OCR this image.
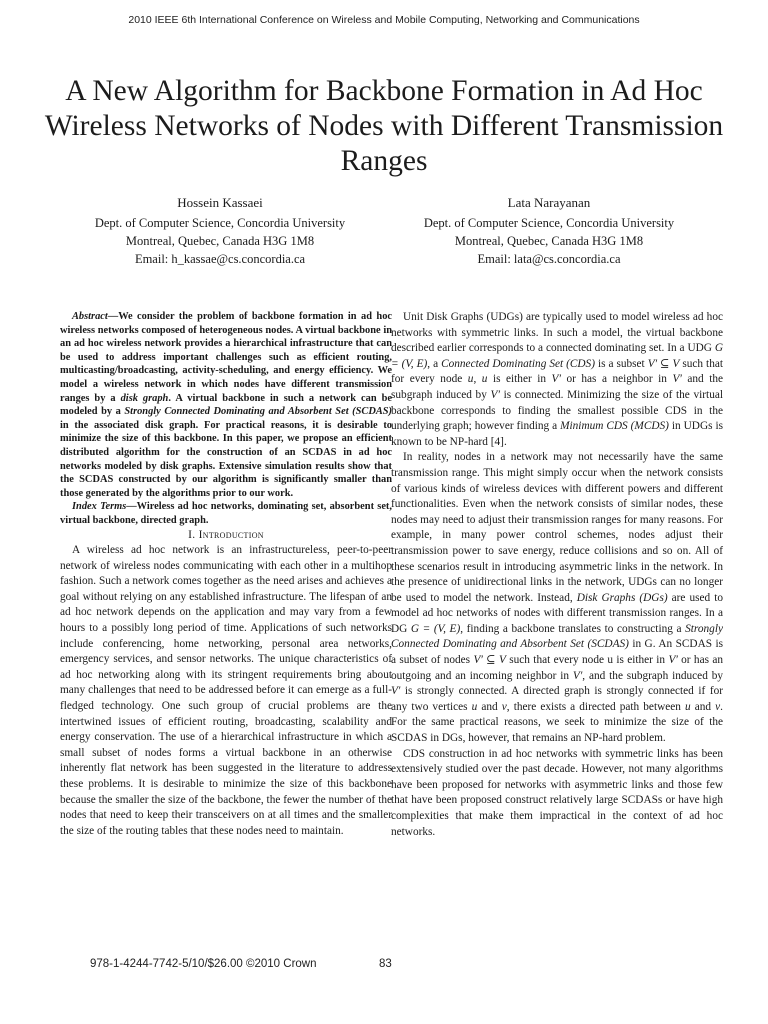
2010 IEEE 6th International Conference on Wireless and Mobile Computing, Networking and Communications
A New Algorithm for Backbone Formation in Ad Hoc Wireless Networks of Nodes with Different Transmission Ranges
Hossein Kassaei
Dept. of Computer Science, Concordia University
Montreal, Quebec, Canada H3G 1M8
Email: h_kassae@cs.concordia.ca
Lata Narayanan
Dept. of Computer Science, Concordia University
Montreal, Quebec, Canada H3G 1M8
Email: lata@cs.concordia.ca

Abstract—We consider the problem of backbone formation in ad hoc wireless networks composed of heterogeneous nodes. A virtual backbone in an ad hoc wireless network provides a hierarchical infrastructure that can be used to address important challenges such as efficient routing, multicasting/broadcasting, activity-scheduling, and energy efficiency. We model a wireless network in which nodes have different transmission ranges by a disk graph. A virtual backbone in such a network can be modeled by a Strongly Connected Dominating and Absorbent Set (SCDAS) in the associated disk graph. For practical reasons, it is desirable to minimize the size of this backbone. In this paper, we propose an efficient distributed algorithm for the construction of an SCDAS in ad hoc networks modeled by disk graphs. Extensive simulation results show that the SCDAS constructed by our algorithm is significantly smaller than those generated by the algorithms prior to our work.

Index Terms—Wireless ad hoc networks, dominating set, absorbent set, virtual backbone, directed graph.

I. Introduction

A wireless ad hoc network is an infrastructureless, peer-to-peer network of wireless nodes communicating with each other in a multihop fashion. Such a network comes together as the need arises and achieves a goal without relying on any established infrastructure. The lifespan of an ad hoc network depends on the application and may vary from a few hours to a possibly long period of time. Applications of such networks include conferencing, home networking, personal area networks, emergency services, and sensor networks. The unique characteristics of ad hoc networking along with its stringent requirements bring about many challenges that need to be addressed before it can emerge as a full-fledged technology. One such group of crucial problems are the intertwined issues of efficient routing, broadcasting, scalability and energy conservation. The use of a hierarchical infrastructure in which a small subset of nodes forms a virtual backbone in an otherwise inherently flat network has been suggested in the literature to address these problems. It is desirable to minimize the size of this backbone because the smaller the size of the backbone, the fewer the number of the nodes that need to keep their transceivers on at all times and the smaller the size of the routing tables that these nodes need to maintain.

Unit Disk Graphs (UDGs) are typically used to model wireless ad hoc networks with symmetric links. In such a model, the virtual backbone described earlier corresponds to a connected dominating set. In a UDG G = (V, E), a Connected Dominating Set (CDS) is a subset V′ ⊆ V such that for every node u, u is either in V′ or has a neighbor in V′ and the subgraph induced by V′ is connected. Minimizing the size of the virtual backbone corresponds to finding the smallest possible CDS in the underlying graph; however finding a Minimum CDS (MCDS) in UDGs is known to be NP-hard [4].

In reality, nodes in a network may not necessarily have the same transmission range. This might simply occur when the network consists of various kinds of wireless devices with different powers and different functionalities. Even when the network consists of similar nodes, these nodes may need to adjust their transmission ranges for many reasons. For example, in many power control schemes, nodes adjust their transmission power to save energy, reduce collisions and so on. All of these scenarios result in introducing asymmetric links in the network. In the presence of unidirectional links in the network, UDGs can no longer be used to model the network. Instead, Disk Graphs (DGs) are used to model ad hoc networks of nodes with different transmission ranges. In a DG G = (V, E), finding a backbone translates to constructing a Strongly Connected Dominating and Absorbent Set (SCDAS) in G. An SCDAS is a subset of nodes V′ ⊆ V such that every node u is either in V′ or has an outgoing and an incoming neighbor in V′, and the subgraph induced by V′ is strongly connected. A directed graph is strongly connected if for any two vertices u and v, there exists a directed path between u and v. For the same practical reasons, we seek to minimize the size of the SCDAS in DGs, however, that remains an NP-hard problem.

CDS construction in ad hoc networks with symmetric links has been extensively studied over the past decade. However, not many algorithms have been proposed for networks with asymmetric links and those few that have been proposed construct relatively large SCDASs or have high complexities that make them impractical in the context of ad hoc networks.

978-1-4244-7742-5/10/$26.00 ©2010 Crown	83
